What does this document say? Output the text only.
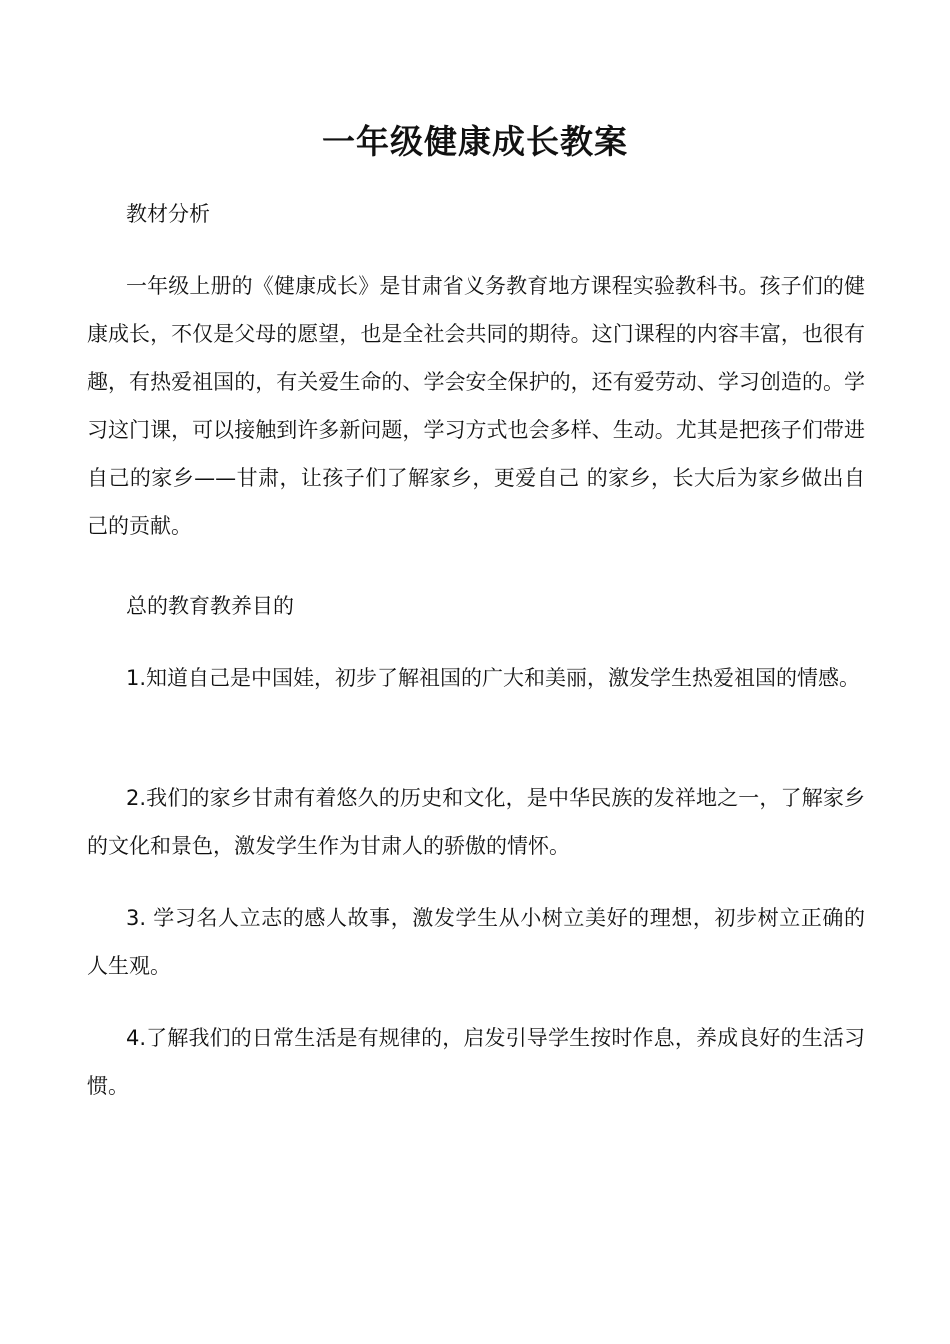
一年级健康成长教案

教材分析

一年级上册的《健康成长》是甘肃省义务教育地方课程实验教科书。孩子们的健康成长，不仅是父母的愿望，也是全社会共同的期待。这门课程的内容丰富，也很有趣，有热爱祖国的，有关爱生命的、学会安全保护的，还有爱劳动、学习创造的。学习这门课，可以接触到许多新问题，学习方式也会多样、生动。尤其是把孩子们带进自己的家乡——甘肃，让孩子们了解家乡，更爱自己 的家乡，长大后为家乡做出自己的贡献。

总的教育教养目的

1.知道自己是中国娃，初步了解祖国的广大和美丽，激发学生热爱祖国的情感。

2.我们的家乡甘肃有着悠久的历史和文化，是中华民族的发祥地之一，了解家乡的文化和景色，激发学生作为甘肃人的骄傲的情怀。

3. 学习名人立志的感人故事，激发学生从小树立美好的理想，初步树立正确的人生观。

4.了解我们的日常生活是有规律的，启发引导学生按时作息，养成良好的生活习惯。
